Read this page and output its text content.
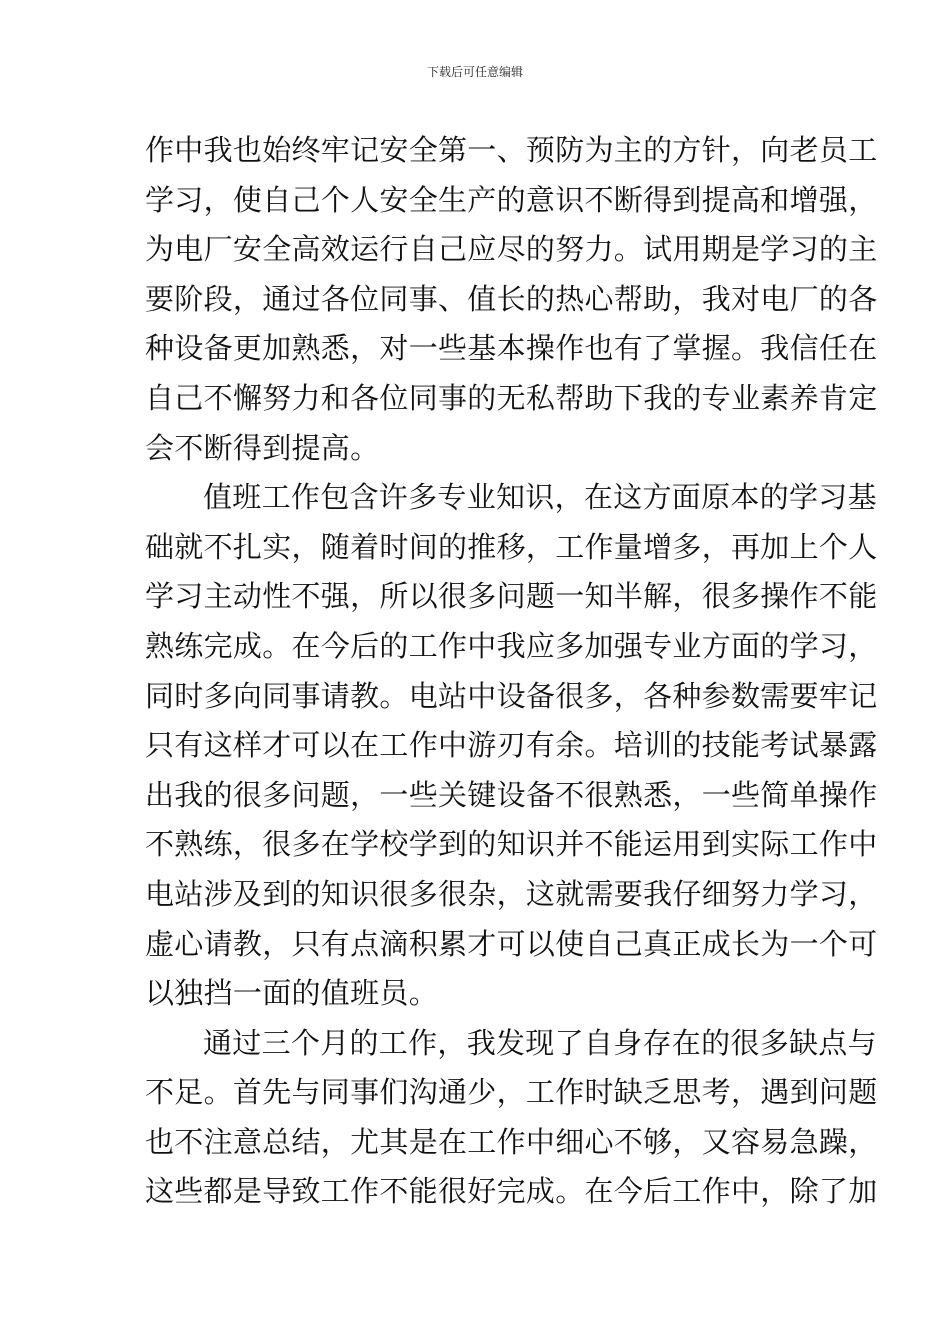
下载后可任意编辑
作中我也始终牢记安全第一、预防为主的方针，向老员工
学习，使自己个人安全生产的意识不断得到提高和增强，
为电厂安全高效运行自己应尽的努力。试用期是学习的主
要阶段，通过各位同事、值长的热心帮助，我对电厂的各
种设备更加熟悉，对一些基本操作也有了掌握。我信任在
自己不懈努力和各位同事的无私帮助下我的专业素养肯定
会不断得到提高。
值班工作包含许多专业知识，在这方面原本的学习基
础就不扎实，随着时间的推移，工作量增多，再加上个人
学习主动性不强，所以很多问题一知半解，很多操作不能
熟练完成。在今后的工作中我应多加强专业方面的学习，
同时多向同事请教。电站中设备很多，各种参数需要牢记
只有这样才可以在工作中游刃有余。培训的技能考试暴露
出我的很多问题，一些关键设备不很熟悉，一些简单操作
不熟练，很多在学校学到的知识并不能运用到实际工作中
电站涉及到的知识很多很杂，这就需要我仔细努力学习，
虚心请教，只有点滴积累才可以使自己真正成长为一个可
以独挡一面的值班员。
通过三个月的工作，我发现了自身存在的很多缺点与
不足。首先与同事们沟通少，工作时缺乏思考，遇到问题
也不注意总结，尤其是在工作中细心不够，又容易急躁，
这些都是导致工作不能很好完成。在今后工作中，除了加
